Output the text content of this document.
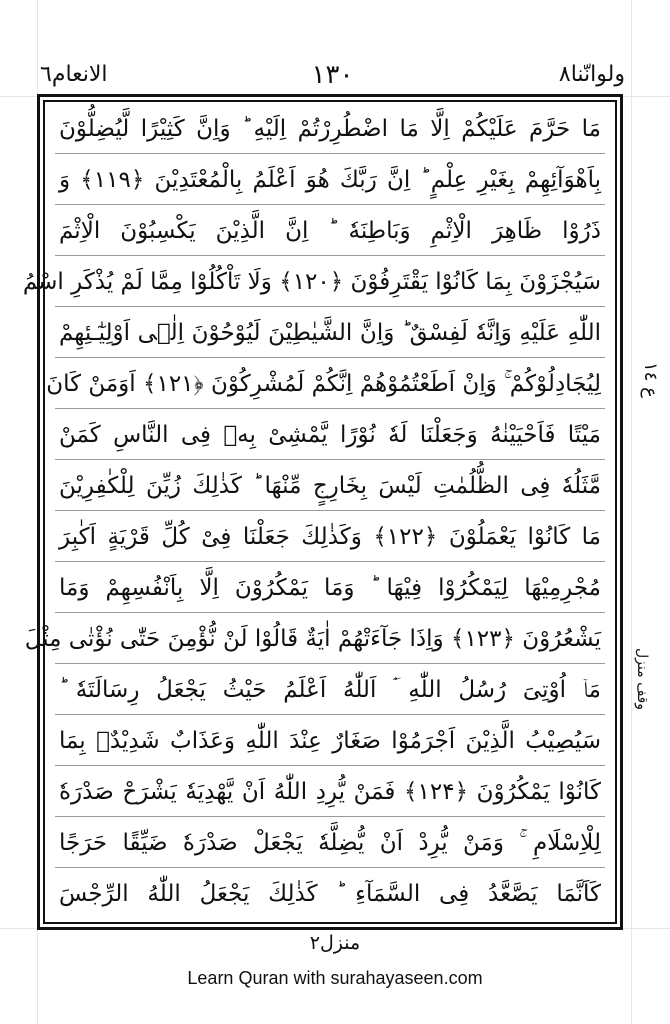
ولوانّنا۸
۱۳۰
الانعام٦
مَا حَرَّمَ عَلَيْكُمْ اِلَّا مَا اضْطُرِرْتُمْ اِلَيْهِ ؕ وَاِنَّ كَثِيْرًا لَّيُضِلُّوْنَ
بِاَهْوَآئِهِمْ بِغَيْرِ عِلْمٍ ؕ اِنَّ رَبَّكَ هُوَ اَعْلَمُ بِالْمُعْتَدِيْنَ ﴿۱۱۹﴾ وَ
ذَرُوْا ظَاهِرَ الْاِثْمِ وَبَاطِنَهٗ ؕ اِنَّ الَّذِيْنَ يَكْسِبُوْنَ الْاِثْمَ
سَيُجْزَوْنَ بِمَا كَانُوْا يَقْتَرِفُوْنَ ﴿۱۲۰﴾ وَلَا تَاْكُلُوْا مِمَّا لَمْ يُذْكَرِ اسْمُ
اللّٰهِ عَلَيْهِ وَاِنَّهٗ لَفِسْقٌ ؕ وَاِنَّ الشَّيٰطِيْنَ لَيُوْحُوْنَ اِلٰۤى اَوْلِيٰٓـئِهِمْ
لِيُجَادِلُوْكُمْ ۚ وَاِنْ اَطَعْتُمُوْهُمْ اِنَّكُمْ لَمُشْرِكُوْنَ ﴿۱۲۱﴾ اَوَمَنْ كَانَ
مَيْتًا فَاَحْيَيْنٰهُ وَجَعَلْنَا لَهٗ نُوْرًا يَّمْشِىْ بِهٖ فِى النَّاسِ كَمَنْ
مَّثَلُهٗ فِى الظُّلُمٰتِ لَيْسَ بِخَارِجٍ مِّنْهَا ؕ كَذٰلِكَ زُيِّنَ لِلْكٰفِرِيْنَ
مَا كَانُوْا يَعْمَلُوْنَ ﴿۱۲۲﴾ وَكَذٰلِكَ جَعَلْنَا فِىْ كُلِّ قَرْيَةٍ اَكٰبِرَ
مُجْرِمِيْهَا لِيَمْكُرُوْا فِيْهَا ؕ وَمَا يَمْكُرُوْنَ اِلَّا بِاَنْفُسِهِمْ وَمَا
يَشْعُرُوْنَ ﴿۱۲۳﴾ وَاِذَا جَآءَتْهُمْ اٰيَةٌ قَالُوْا لَنْ نُّؤْمِنَ حَتّٰى نُؤْتٰى مِثْلَ
مَاۤ اُوْتِىَ رُسُلُ اللّٰهِ ؔۘ اَللّٰهُ اَعْلَمُ حَيْثُ يَجْعَلُ رِسَالَتَهٗ ؕ
سَيُصِيْبُ الَّذِيْنَ اَجْرَمُوْا صَغَارٌ عِنْدَ اللّٰهِ وَعَذَابٌ شَدِيْدٌۢ بِمَا
كَانُوْا يَمْكُرُوْنَ ﴿۱۲۴﴾ فَمَنْ يُّرِدِ اللّٰهُ اَنْ يَّهْدِيَهٗ يَشْرَحْ صَدْرَهٗ
لِلْاِسْلَامِ ۚ وَمَنْ يُّرِدْ اَنْ يُّضِلَّهٗ يَجْعَلْ صَدْرَهٗ ضَيِّقًا حَرَجًا
كَاَنَّمَا يَصَّعَّدُ فِى السَّمَآءِ ؕ كَذٰلِكَ يَجْعَلُ اللّٰهُ الرِّجْسَ
ع ۱٤
وقف منزل
منزل۲
Learn Quran with surahayaseen.com
